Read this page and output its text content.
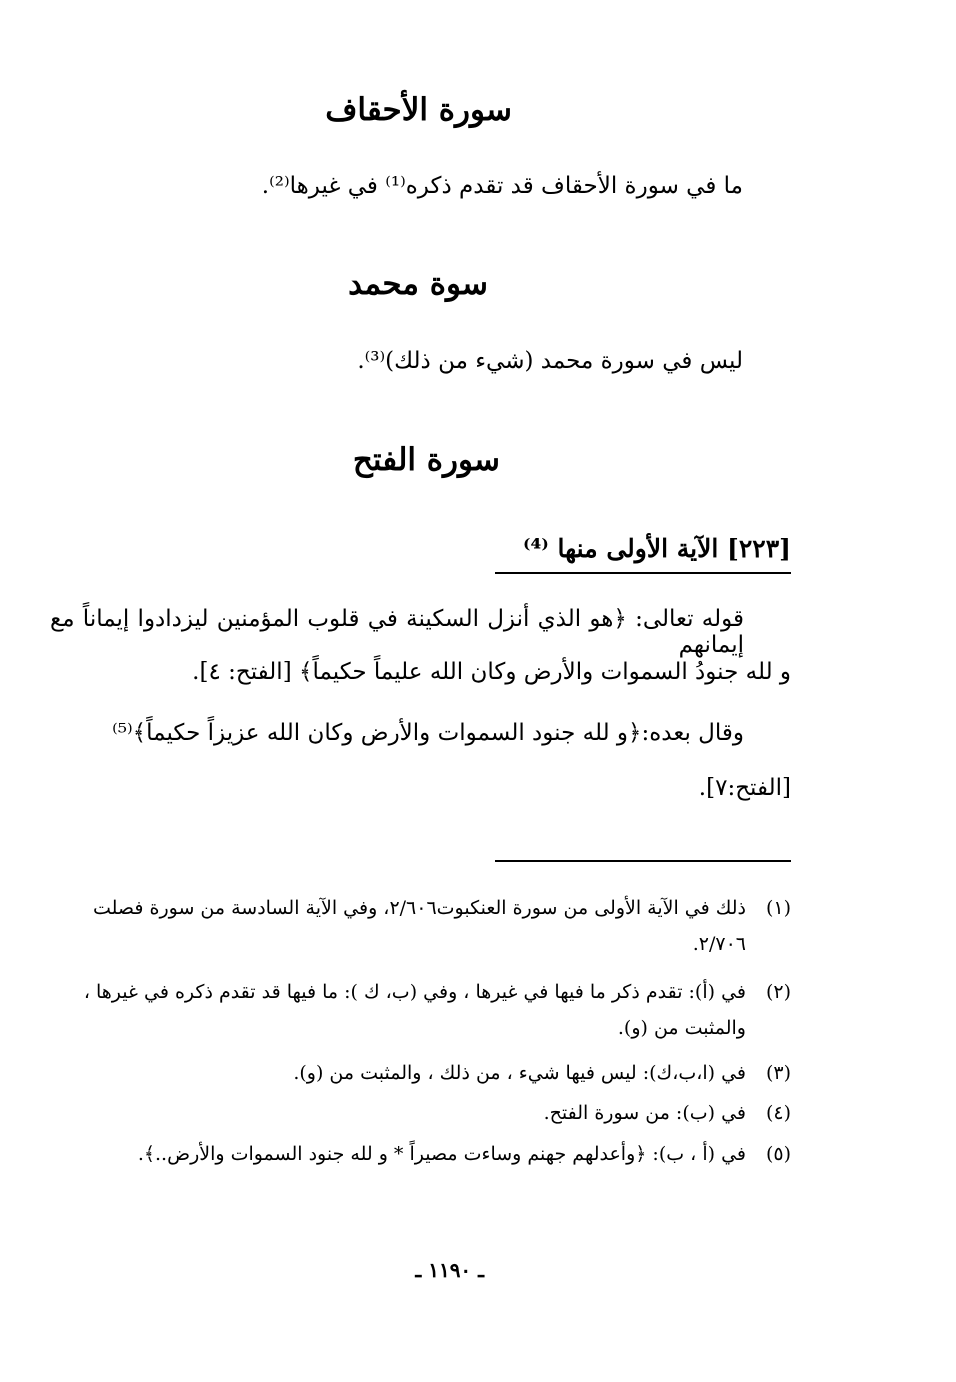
سورة الأحقاف
ما في سورة الأحقاف قد تقدم ذكره⁽¹⁾ في غيرها⁽²⁾.
سوة محمد
ليس في سورة محمد (شيء من ذلك)⁽³⁾.
سورة الفتح
[٢٢٣] الآية الأولى منها ⁽⁴⁾
قوله تعالى: ﴿هو الذي أنزل السكينة في قلوب المؤمنين ليزدادوا إيماناً مع إيمانهم
و لله جنودُ السموات والأرض وكان الله عليماً حكيماً﴾ [الفتح: ٤].
وقال بعده:﴿و لله جنود السموات والأرض وكان الله عزيزاً حكيماً﴾⁽⁵⁾
[الفتح:٧].
(١)
ذلك في الآية الأولى من سورة العنكبوت٢/٦٠٦، وفي الآية السادسة من سورة فصلت
٢/٧٠٦.
(٢)
في (أ): تقدم ذكر ما فيها في غيرها ، وفي (ب، ك ): ما فيها قد تقدم ذكره في غيرها ،
والمثبت من (و).
(٣)
في (ا،ب،ك): ليس فيها شيء ، من ذلك ، والمثبت من (و).
(٤)
في (ب): من سورة الفتح.
(٥)
في (أ ، ب): ﴿وأعدلهم جهنم وساءت مصيراً * و لله جنود السموات والأرض..﴾.
ـ ١١٩٠ ـ
